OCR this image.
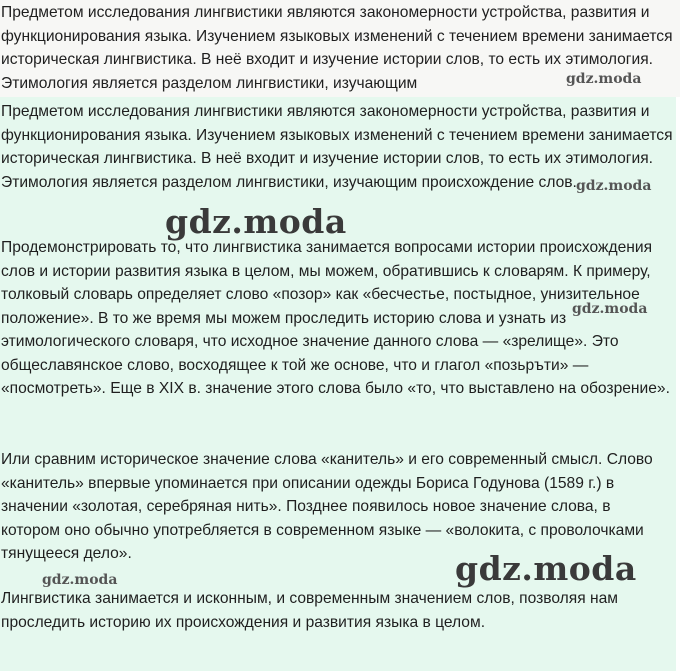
Предметом исследования лингвистики являются закономерности устройства, развития и функционирования языка. Изучением языковых изменений с течением времени занимается историческая лингвистика. В неё входит и изучение истории слов, то есть их этимология. Этимология является разделом лингвистики, изучающим	gdz.moda

Предметом исследования лингвистики являются закономерности устройства, развития и функционирования языка. Изучением языковых изменений с течением времени занимается историческая лингвистика. В неё входит и изучение истории слов, то есть их этимология. Этимология является разделом лингвистики, изучающим происхождение слов.

Продемонстрировать то, что лингвистика занимается вопросами истории происхождения слов и истории развития языка в целом, мы можем, обратившись к словарям. К примеру, толковый словарь определяет слово «позор» как «бесчестье, постыдное, унизительное положение». В то же время мы можем проследить историю слова и узнать из этимологического словаря, что исходное значение данного слова — «зрелище». Это общеславянское слово, восходящее к той же основе, что и глагол «позьръти» — «посмотреть». Еще в XIX в. значение этого слова было «то, что выставлено на обозрение».

Или сравним историческое значение слова «канитель» и его современный смысл. Слово «канитель» впервые упоминается при описании одежды Бориса Годунова (1589 г.) в значении «золотая, серебряная нить». Позднее появилось новое значение слова, в котором оно обычно употребляется в современном языке — «волокита, с проволочками тянущееся дело».

Лингвистика занимается и исконным, и современным значением слов, позволяя нам проследить историю их происхождения и развития языка в целом.

gdz.moda
gdz.moda
gdz.moda
gdz.moda
gdz.moda
